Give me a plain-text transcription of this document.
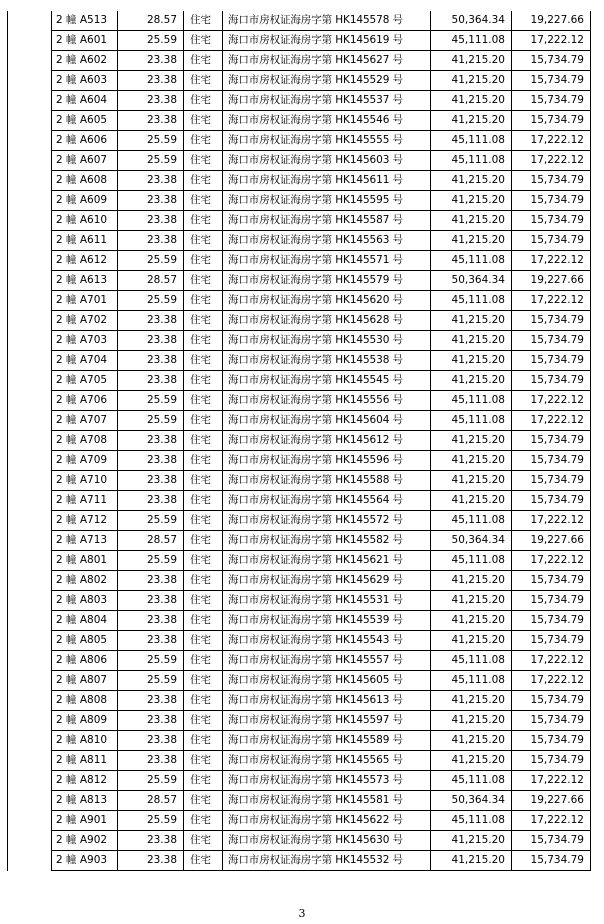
	2 幢 A513	28.57	住宅	海口市房权证海房字第 HK145578 号	50,364.34	19,227.66
	2 幢 A601	25.59	住宅	海口市房权证海房字第 HK145619 号	45,111.08	17,222.12
	2 幢 A602	23.38	住宅	海口市房权证海房字第 HK145627 号	41,215.20	15,734.79
	2 幢 A603	23.38	住宅	海口市房权证海房字第 HK145529 号	41,215.20	15,734.79
	2 幢 A604	23.38	住宅	海口市房权证海房字第 HK145537 号	41,215.20	15,734.79
	2 幢 A605	23.38	住宅	海口市房权证海房字第 HK145546 号	41,215.20	15,734.79
	2 幢 A606	25.59	住宅	海口市房权证海房字第 HK145555 号	45,111.08	17,222.12
	2 幢 A607	25.59	住宅	海口市房权证海房字第 HK145603 号	45,111.08	17,222.12
	2 幢 A608	23.38	住宅	海口市房权证海房字第 HK145611 号	41,215.20	15,734.79
	2 幢 A609	23.38	住宅	海口市房权证海房字第 HK145595 号	41,215.20	15,734.79
	2 幢 A610	23.38	住宅	海口市房权证海房字第 HK145587 号	41,215.20	15,734.79
	2 幢 A611	23.38	住宅	海口市房权证海房字第 HK145563 号	41,215.20	15,734.79
	2 幢 A612	25.59	住宅	海口市房权证海房字第 HK145571 号	45,111.08	17,222.12
	2 幢 A613	28.57	住宅	海口市房权证海房字第 HK145579 号	50,364.34	19,227.66
	2 幢 A701	25.59	住宅	海口市房权证海房字第 HK145620 号	45,111.08	17,222.12
	2 幢 A702	23.38	住宅	海口市房权证海房字第 HK145628 号	41,215.20	15,734.79
	2 幢 A703	23.38	住宅	海口市房权证海房字第 HK145530 号	41,215.20	15,734.79
	2 幢 A704	23.38	住宅	海口市房权证海房字第 HK145538 号	41,215.20	15,734.79
	2 幢 A705	23.38	住宅	海口市房权证海房字第 HK145545 号	41,215.20	15,734.79
	2 幢 A706	25.59	住宅	海口市房权证海房字第 HK145556 号	45,111.08	17,222.12
	2 幢 A707	25.59	住宅	海口市房权证海房字第 HK145604 号	45,111.08	17,222.12
	2 幢 A708	23.38	住宅	海口市房权证海房字第 HK145612 号	41,215.20	15,734.79
	2 幢 A709	23.38	住宅	海口市房权证海房字第 HK145596 号	41,215.20	15,734.79
	2 幢 A710	23.38	住宅	海口市房权证海房字第 HK145588 号	41,215.20	15,734.79
	2 幢 A711	23.38	住宅	海口市房权证海房字第 HK145564 号	41,215.20	15,734.79
	2 幢 A712	25.59	住宅	海口市房权证海房字第 HK145572 号	45,111.08	17,222.12
	2 幢 A713	28.57	住宅	海口市房权证海房字第 HK145582 号	50,364.34	19,227.66
	2 幢 A801	25.59	住宅	海口市房权证海房字第 HK145621 号	45,111.08	17,222.12
	2 幢 A802	23.38	住宅	海口市房权证海房字第 HK145629 号	41,215.20	15,734.79
	2 幢 A803	23.38	住宅	海口市房权证海房字第 HK145531 号	41,215.20	15,734.79
	2 幢 A804	23.38	住宅	海口市房权证海房字第 HK145539 号	41,215.20	15,734.79
	2 幢 A805	23.38	住宅	海口市房权证海房字第 HK145543 号	41,215.20	15,734.79
	2 幢 A806	25.59	住宅	海口市房权证海房字第 HK145557 号	45,111.08	17,222.12
	2 幢 A807	25.59	住宅	海口市房权证海房字第 HK145605 号	45,111.08	17,222.12
	2 幢 A808	23.38	住宅	海口市房权证海房字第 HK145613 号	41,215.20	15,734.79
	2 幢 A809	23.38	住宅	海口市房权证海房字第 HK145597 号	41,215.20	15,734.79
	2 幢 A810	23.38	住宅	海口市房权证海房字第 HK145589 号	41,215.20	15,734.79
	2 幢 A811	23.38	住宅	海口市房权证海房字第 HK145565 号	41,215.20	15,734.79
	2 幢 A812	25.59	住宅	海口市房权证海房字第 HK145573 号	45,111.08	17,222.12
	2 幢 A813	28.57	住宅	海口市房权证海房字第 HK145581 号	50,364.34	19,227.66
	2 幢 A901	25.59	住宅	海口市房权证海房字第 HK145622 号	45,111.08	17,222.12
	2 幢 A902	23.38	住宅	海口市房权证海房字第 HK145630 号	41,215.20	15,734.79
	2 幢 A903	23.38	住宅	海口市房权证海房字第 HK145532 号	41,215.20	15,734.79
3
